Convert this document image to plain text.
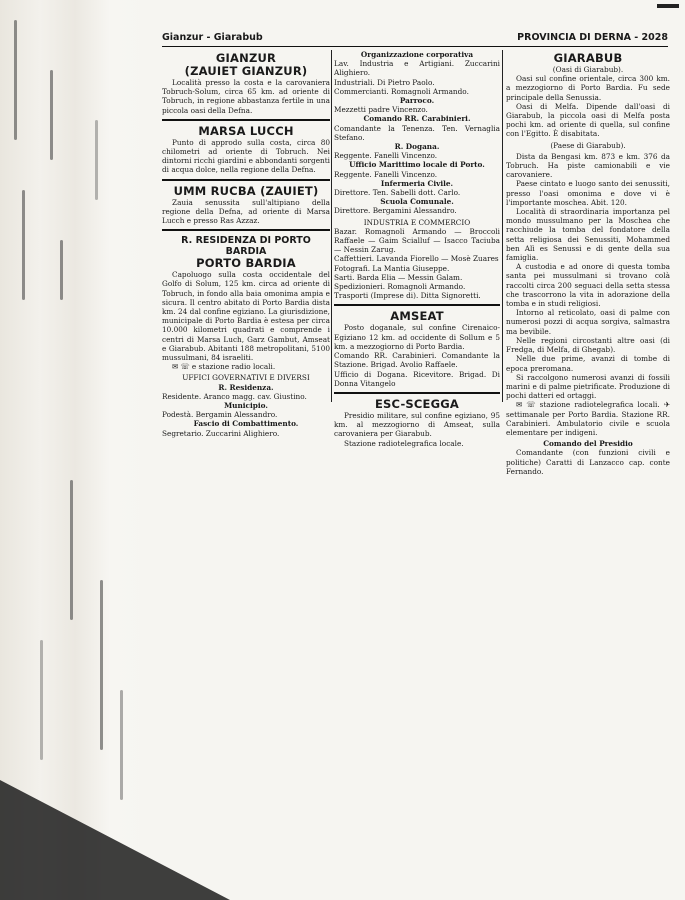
Gianzur - Giarabub	PROVINCIA DI DERNA - 2028
GIANZUR
(ZAUIET GIANZUR)

Località presso la costa e la carovaniera Tobruch-Solum, circa 65 km. ad oriente di Tobruch, in regione abbastanza fertile in una piccola oasi della Defna.

MARSA LUCCH

Punto di approdo sulla costa, circa 80 chilometri ad oriente di Tobruch. Nei dintorni ricchi giardini e abbondanti sorgenti di acqua dolce, nella regione della Defna.

UMM RUCBA (ZAUIET)

Zauia senussita sull'altipiano della regione della Defna, ad oriente di Marsa Lucch e presso Ras Azzaz.

R. RESIDENZA DI PORTO BARDIA
PORTO BARDIA

Capoluogo sulla costa occidentale del Golfo di Solum, 125 km. circa ad oriente di Tobruch, in fondo alla baia omonima ampia e sicura. Il centro abitato di Porto Bardia dista km. 24 dal confine egiziano. La giurisdizione, municipale di Porto Bardia è estesa per circa 10.000 kilometri quadrati e comprende i centri di Marsa Luch, Garz Gambut, Amseat e Giarabub. Abitanti 188 metropolitani, 5100 mussulmani, 84 israeliti.

✉ ☏ e stazione radio locali.

UFFICI GOVERNATIVI E DIVERSI

R. Residenza.

Residente. Aranco magg. cav. Giustino.

Municipio.

Podestà. Bergamin Alessandro.

Fascio di Combattimento.

Segretario. Zuccarini Alighiero.

Organizzazione corporativa

Lav. Industria e Artigiani. Zuccarini Alighiero.

Industriali. Di Pietro Paolo.

Commercianti. Romagnoli Armando.

Parroco.

Mezzetti padre Vincenzo.

Comando RR. Carabinieri.

Comandante la Tenenza. Ten. Vernaglia Stefano.

R. Dogana.

Reggente. Fanelli Vincenzo.

Ufficio Marittimo locale di Porto.

Reggente. Fanelli Vincenzo.

Infermeria Civile.

Direttore. Ten. Sabelli dott. Carlo.

Scuola Comunale.

Direttore. Bergamini Alessandro.

INDUSTRIA E COMMERCIO

Bazar. Romagnoli Armando — Broccoli Raffaele — Gaim Scialluf — Isacco Taciuba — Nessin Zarug.

Caffettieri. Lavanda Fiorello — Mosè Zuares

Fotografi. La Mantia Giuseppe.

Sarti. Barda Elia — Messin Galam.

Spedizionieri. Romagnoli Armando.

Trasporti (Imprese di). Ditta Signoretti.

AMSEAT

Posto doganale, sul confine Cirenaico-Egiziano 12 km. ad occidente di Sollum e 5 km. a mezzogiorno di Porto Bardia.

Comando RR. Carabinieri. Comandante la Stazione. Brigad. Avolio Raffaele.

Ufficio di Dogana. Ricevitore. Brigad. Di Donna Vitangelo

ESC-SCEGGA

Presidio militare, sul confine egiziano, 95 km. al mezzogiorno di Amseat, sulla carovaniera per Giarabub.

Stazione radiotelegrafica locale.

GIARABUB

(Oasi di Giarabub).

Oasi sul confine orientale, circa 300 km. a mezzogiorno di Porto Bardia. Fu sede principale della Senussia.

Oasi di Melfa. Dipende dall'oasi di Giarabub, la piccola oasi di Melfa posta pochi km. ad oriente di quella, sul confine con l'Egitto. È disabitata.

(Paese di Giarabub).

Dista da Bengasi km. 873 e km. 376 da Tobruch. Ha piste camionabili e vie carovaniere.

Paese cintato e luogo santo dei senussiti, presso l'oasi omonima e dove vi è l'importante moschea. Abit. 120.

Località di straordinaria importanza pel mondo mussulmano per la Moschea che racchiude la tomba del fondatore della setta religiosa dei Senussiti, Mohammed ben Alì es Senussi e di gente della sua famiglia.

A custodia e ad onore di questa tomba santa pei mussulmani si trovano colà raccolti circa 200 seguaci della setta stessa che trascorrono la vita in adorazione della tomba e in studi religiosi.

Intorno al reticolato, oasi di palme con numerosi pozzi di acqua sorgiva, salmastra ma bevibile.

Nelle regioni circostanti altre oasi (di Fredga, di Melfa, di Ghegab).

Nelle due prime, avanzi di tombe di epoca preromana.

Si raccolgono numerosi avanzi di fossili marini e di palme pietrificate. Produzione di pochi datteri ed ortaggi.

✉ ☏ stazione radiotelegrafica locali. ✈ settimanale per Porto Bardia. Stazione RR. Carabinieri. Ambulatorio civile e scuola elementare per indigeni.

Comando del Presidio

Comandante (con funzioni civili e politiche) Caratti di Lanzacco cap. conte Fernando.
